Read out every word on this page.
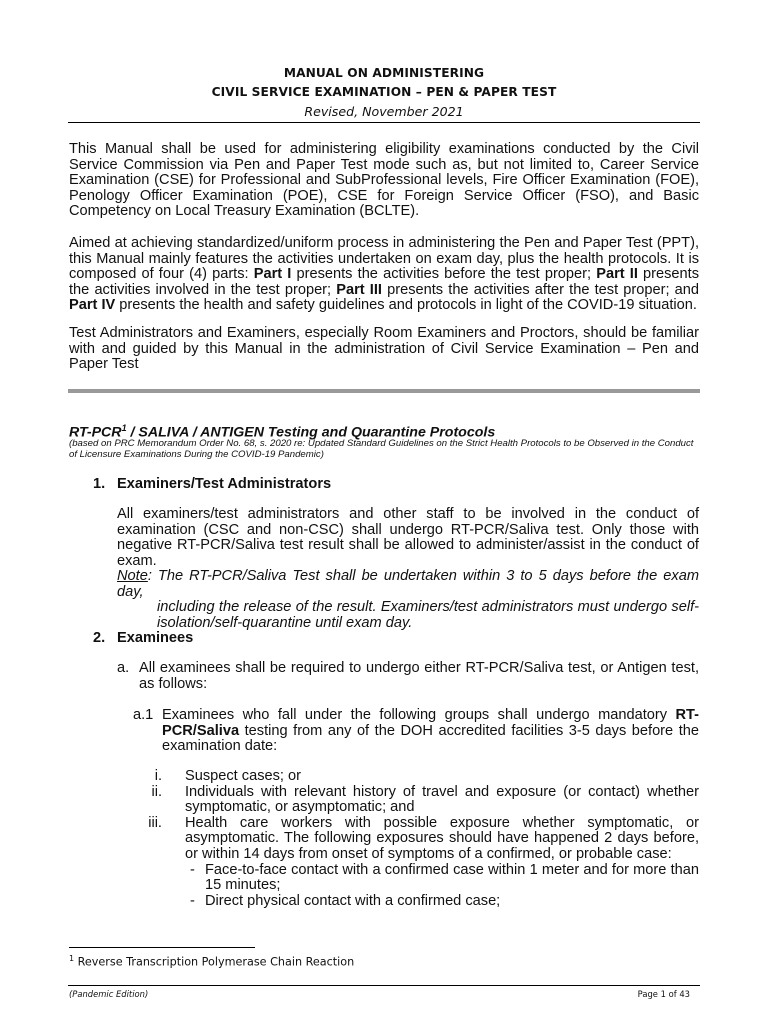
MANUAL ON ADMINISTERING
CIVIL SERVICE EXAMINATION – PEN & PAPER TEST
Revised, November 2021
This Manual shall be used for administering eligibility examinations conducted by the Civil Service Commission via Pen and Paper Test mode such as, but not limited to, Career Service Examination (CSE) for Professional and SubProfessional levels, Fire Officer Examination (FOE), Penology Officer Examination (POE), CSE for Foreign Service Officer (FSO), and Basic Competency on Local Treasury Examination (BCLTE).
Aimed at achieving standardized/uniform process in administering the Pen and Paper Test (PPT), this Manual mainly features the activities undertaken on exam day, plus the health protocols. It is composed of four (4) parts: Part I presents the activities before the test proper; Part II presents the activities involved in the test proper; Part III presents the activities after the test proper; and Part IV presents the health and safety guidelines and protocols in light of the COVID-19 situation.
Test Administrators and Examiners, especially Room Examiners and Proctors, should be familiar with and guided by this Manual in the administration of Civil Service Examination – Pen and Paper Test
RT-PCR$^1$ / SALIVA / ANTIGEN Testing and Quarantine Protocols
(based on PRC Memorandum Order No. 68, s. 2020 re: Updated Standard Guidelines on the Strict Health Protocols to be Observed in the Conduct of Licensure Examinations During the COVID-19 Pandemic)
1. Examiners/Test Administrators
All examiners/test administrators and other staff to be involved in the conduct of examination (CSC and non-CSC) shall undergo RT-PCR/Saliva test. Only those with negative RT-PCR/Saliva test result shall be allowed to administer/assist in the conduct of exam.
Note: The RT-PCR/Saliva Test shall be undertaken within 3 to 5 days before the exam day,
including the release of the result. Examiners/test administrators must undergo self-isolation/self-quarantine until exam day.
2. Examinees
a. All examinees shall be required to undergo either RT-PCR/Saliva test, or Antigen test, as follows:
a.1 Examinees who fall under the following groups shall undergo mandatory RT-PCR/Saliva testing from any of the DOH accredited facilities 3-5 days before the examination date:
i. Suspect cases; or
ii. Individuals with relevant history of travel and exposure (or contact) whether symptomatic, or asymptomatic; and
iii. Health care workers with possible exposure whether symptomatic, or asymptomatic. The following exposures should have happened 2 days before, or within 14 days from onset of symptoms of a confirmed, or probable case:
- Face-to-face contact with a confirmed case within 1 meter and for more than 15 minutes;
- Direct physical contact with a confirmed case;
$^1$ Reverse Transcription Polymerase Chain Reaction
(Pandemic Edition)	Page 1 of 43
